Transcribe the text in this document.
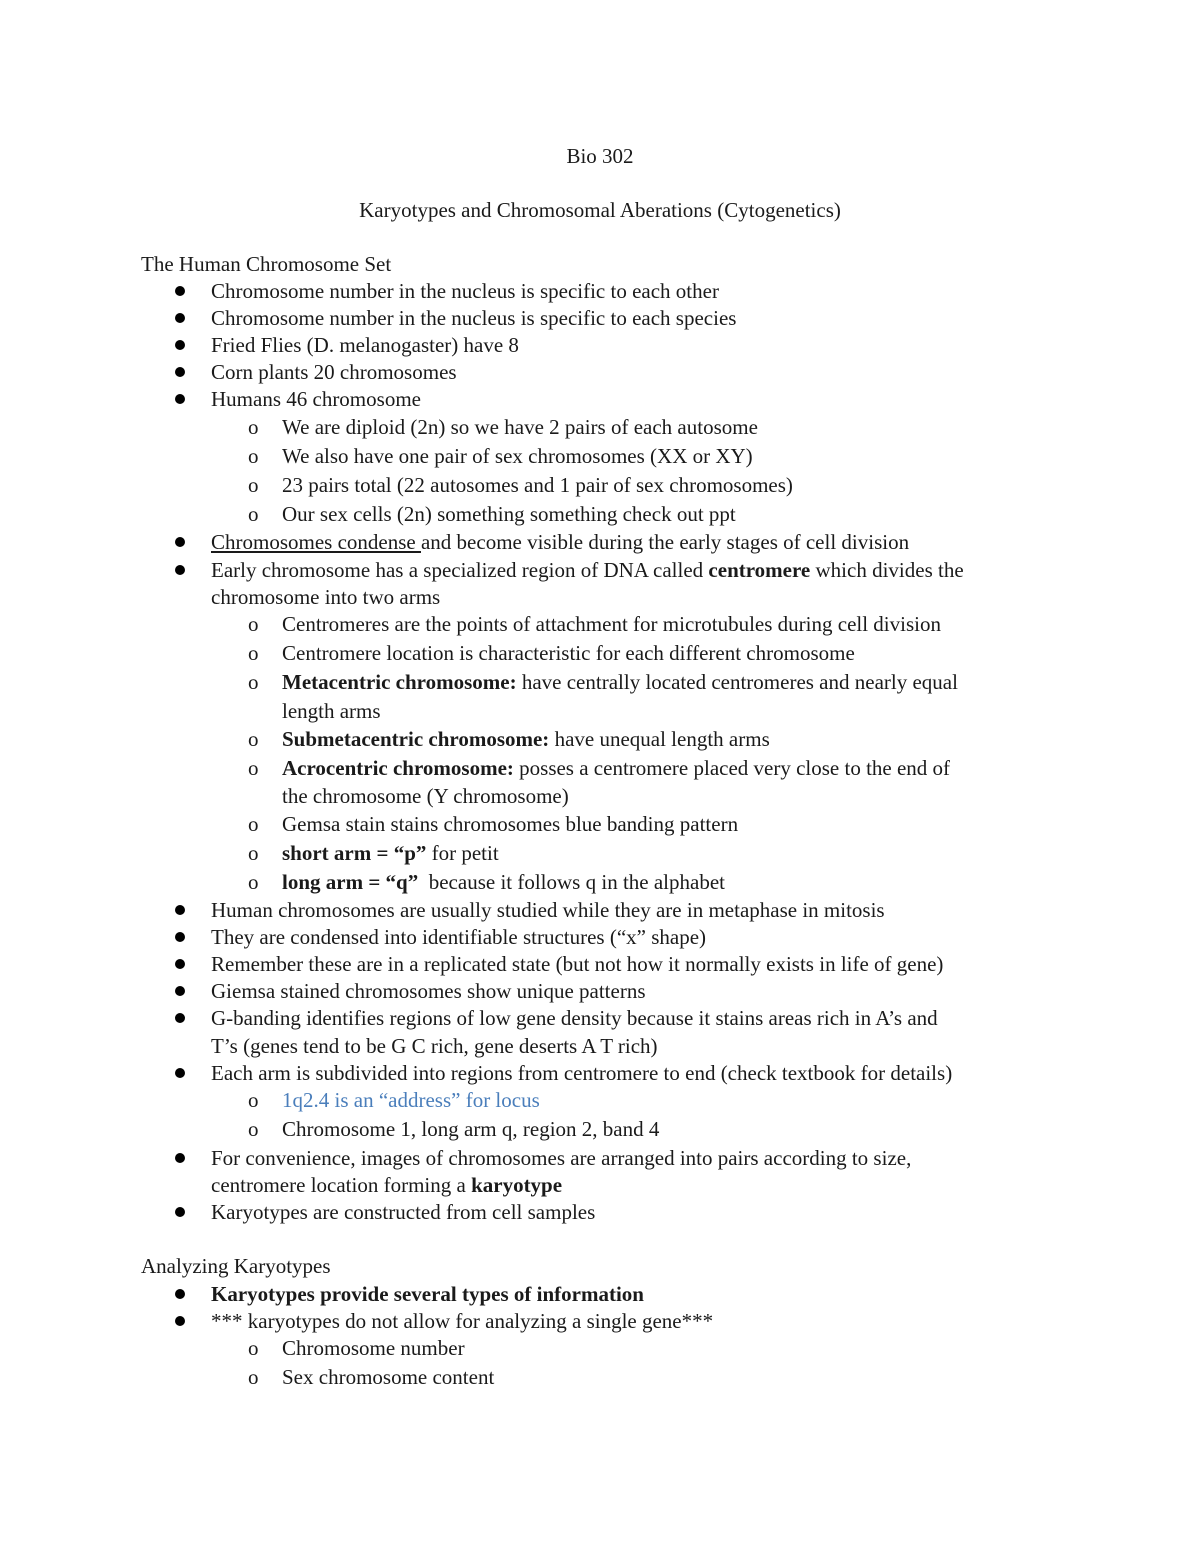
Bio 302
Karyotypes and Chromosomal Aberations (Cytogenetics)
The Human Chromosome Set
Chromosome number in the nucleus is specific to each other
Chromosome number in the nucleus is specific to each species
Fried Flies (D. melanogaster) have 8
Corn plants 20 chromosomes
Humans 46 chromosome
o We are diploid (2n) so we have 2 pairs of each autosome
o We also have one pair of sex chromosomes (XX or XY)
o 23 pairs total (22 autosomes and 1 pair of sex chromosomes)
o Our sex cells (2n) something something check out ppt
Chromosomes condense and become visible during the early stages of cell division
Early chromosome has a specialized region of DNA called centromere which divides the
chromosome into two arms
o Centromeres are the points of attachment for microtubules during cell division
o Centromere location is characteristic for each different chromosome
o Metacentric chromosome: have centrally located centromeres and nearly equal
length arms
o Submetacentric chromosome: have unequal length arms
o Acrocentric chromosome: posses a centromere placed very close to the end of
the chromosome (Y chromosome)
o Gemsa stain stains chromosomes blue banding pattern
o short arm = “p” for petit
o long arm = “q”  because it follows q in the alphabet
Human chromosomes are usually studied while they are in metaphase in mitosis
They are condensed into identifiable structures (“x” shape)
Remember these are in a replicated state (but not how it normally exists in life of gene)
Giemsa stained chromosomes show unique patterns
G-banding identifies regions of low gene density because it stains areas rich in A’s and
T’s (genes tend to be G C rich, gene deserts A T rich)
Each arm is subdivided into regions from centromere to end (check textbook for details)
o 1q2.4 is an “address” for locus
o Chromosome 1, long arm q, region 2, band 4
For convenience, images of chromosomes are arranged into pairs according to size,
centromere location forming a karyotype
Karyotypes are constructed from cell samples
Analyzing Karyotypes
Karyotypes provide several types of information
*** karyotypes do not allow for analyzing a single gene***
o Chromosome number
o Sex chromosome content
